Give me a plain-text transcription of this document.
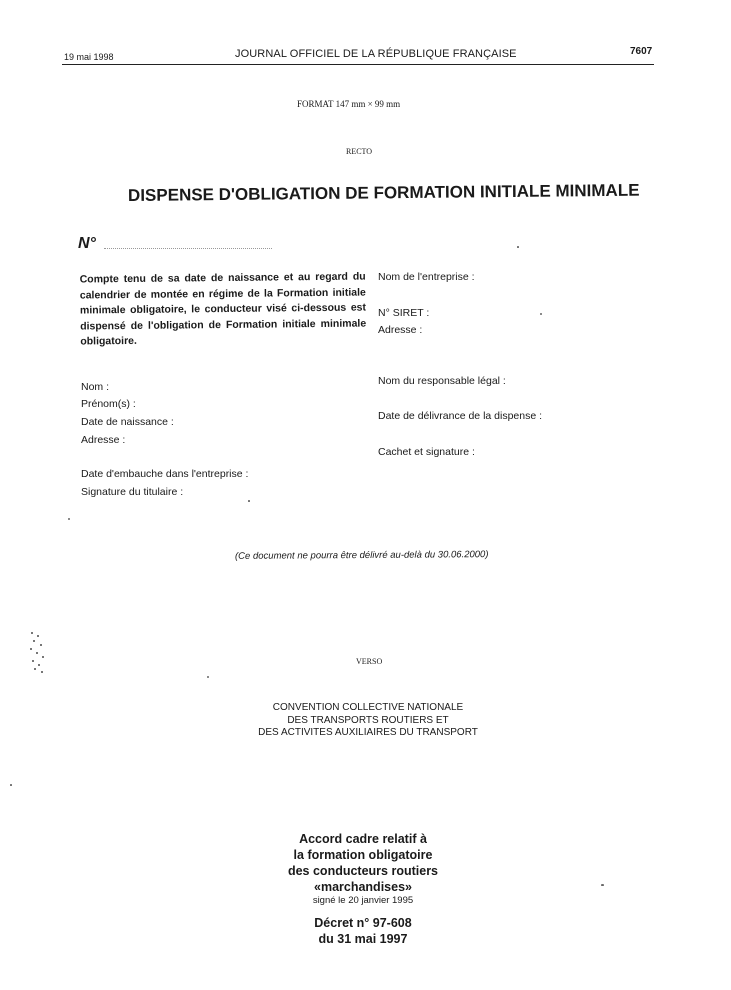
19 mai 1998	JOURNAL OFFICIEL DE LA RÉPUBLIQUE FRANÇAISE	7607
FORMAT 147 mm × 99 mm
RECTO
DISPENSE D'OBLIGATION DE FORMATION INITIALE MINIMALE
N°
Compte tenu de sa date de naissance et au regard du calendrier de montée en régime de la Formation initiale minimale obligatoire, le conducteur visé ci-dessous est dispensé de l'obligation de Formation initiale minimale obligatoire.
Nom de l'entreprise :
N° SIRET :
Adresse :
Nom du responsable légal :
Date de délivrance de la dispense :
Cachet et signature :
Nom :
Prénom(s) :
Date de naissance :
Adresse :
Date d'embauche dans l'entreprise :
Signature du titulaire :
(Ce document ne pourra être délivré au-delà du 30.06.2000)
VERSO
CONVENTION COLLECTIVE NATIONALE
DES TRANSPORTS ROUTIERS ET
DES ACTIVITES AUXILIAIRES DU TRANSPORT
Accord cadre relatif à
la formation obligatoire
des conducteurs routiers
«marchandises»
signé le 20 janvier 1995
Décret n° 97-608
du 31 mai 1997
